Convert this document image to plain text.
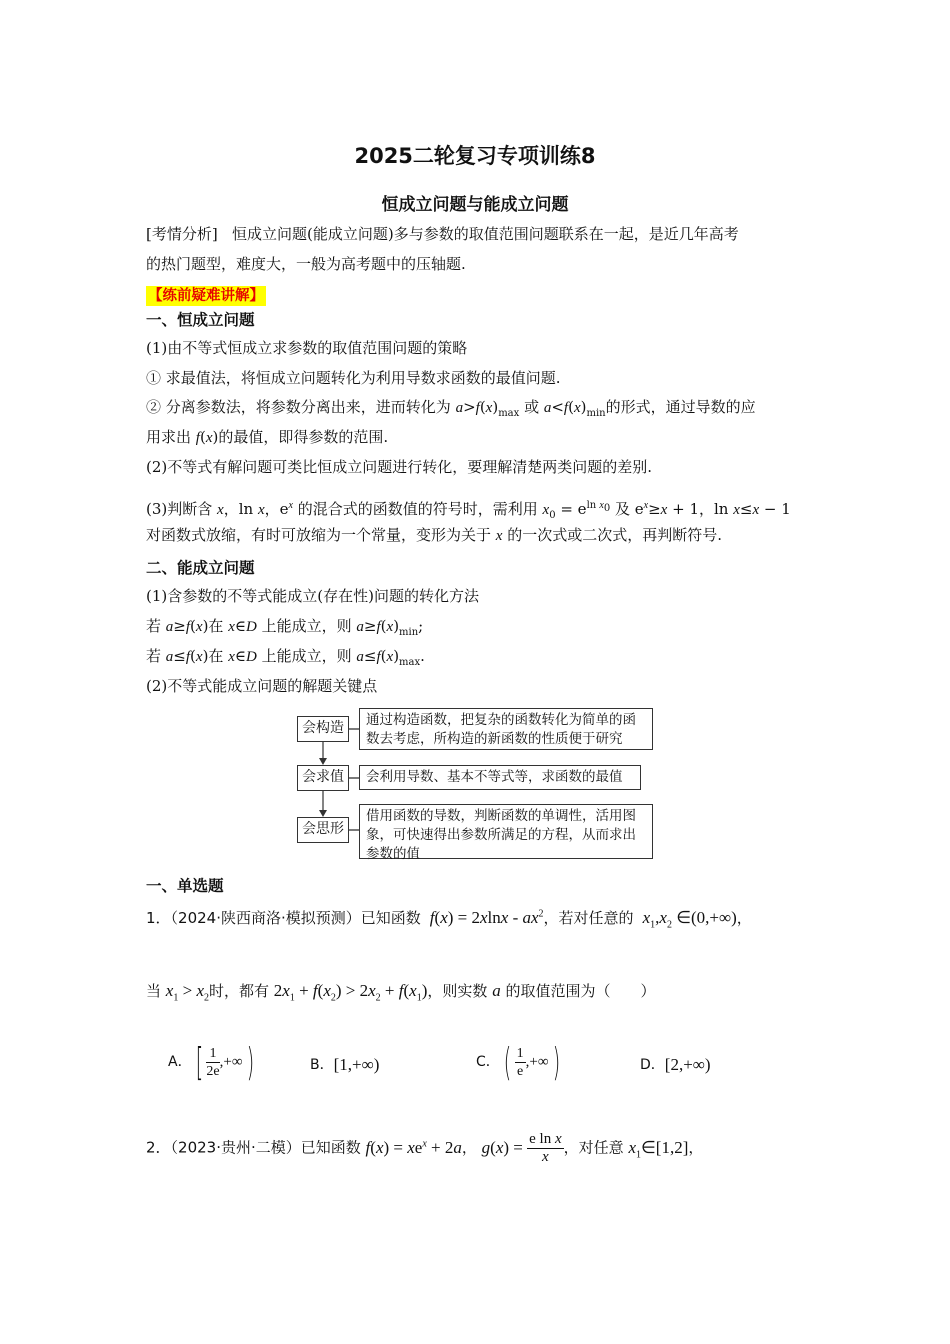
2025二轮复习专项训练8
恒成立问题与能成立问题
[考情分析] 恒成立问题(能成立问题)多与参数的取值范围问题联系在一起，是近几年高考
的热门题型，难度大，一般为高考题中的压轴题.
【练前疑难讲解】
一、恒成立问题
(1)由不等式恒成立求参数的取值范围问题的策略
① 求最值法，将恒成立问题转化为利用导数求函数的最值问题.
② 分离参数法，将参数分离出来，进而转化为 $a>f(x)_{max}$ 或 $a<f(x)_{min}$的形式，通过导数的应
用求出 f(x)的最值，即得参数的范围.
(2)不等式有解问题可类比恒成立问题进行转化，要理解清楚两类问题的差别.
(3)判断含 x，ln x，$e^x$ 的混合式的函数值的符号时，需利用 $x_0 = e^{ln x_0}$ 及 $e^x\ge x + 1$，ln x≤x − 1
对函数式放缩，有时可放缩为一个常量，变形为关于 x 的一次式或二次式，再判断符号.
二、能成立问题
(1)含参数的不等式能成立(存在性)问题的转化方法
若 a≥f(x)在 x∈D 上能成立，则 $a\ge f(x)_{min}$;
若 a≤f(x)在 x∈D 上能成立，则 $a\le f(x)_{max}$.
(2)不等式能成立问题的解题关键点
会构造	通过构造函数，把复杂的函数转化为简单的函数去考虑，所构造的新函数的性质便于研究
会求值	会利用导数、基本不等式等，求函数的最值
会思形
借用函数的导数，判断函数的单调性，活用图象，可快速得出参数所满足的方程，从而求出参数的值
一、单选题
1．（2024·陕西商洛·模拟预测）已知函数 $f(x) = 2xlnx - ax^2$，若对任意的 $x_1,x_2$ ∈(0,+∞)，
当 $x_1 > x_2$时，都有 $2x_1 + f(x_2) > 2x_2 + f(x_1)$，则实数 a 的取值范围为（　　）
A．[ $\frac{1}{2e}$ ,+∞)	B．[1,+∞)	C．( $\frac{1}{e}$ ,+∞)	D．[2,+∞)
2．（2023·贵州·二模）已知函数 $f(x) = xe^x + 2a$， $g(x) = \frac{\text{e ln x}}{x}$ ，对任意 $x_1\in[1,2]$，
